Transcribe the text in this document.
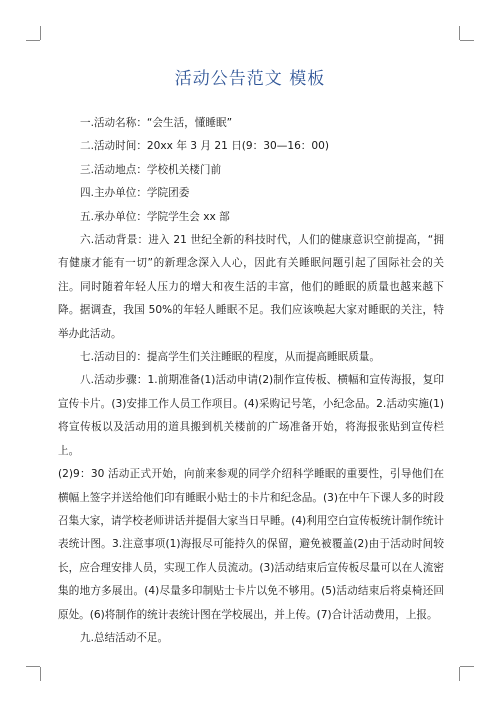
活动公告范文 模板

一.活动名称：“会生活，懂睡眠”

二.活动时间：20xx 年 3 月 21 日(9：30—16：00)

三.活动地点：学校机关楼门前

四.主办单位：学院团委

五.承办单位：学院学生会 xx 部

六.活动背景：进入 21 世纪全新的科技时代，人们的健康意识空前提高，“拥有健康才能有一切”的新理念深入人心，因此有关睡眠问题引起了国际社会的关注。同时随着年轻人压力的增大和夜生活的丰富，他们的睡眠的质量也越来越下降。据调查，我国 50%的年轻人睡眠不足。我们应该唤起大家对睡眠的关注，特举办此活动。

七.活动目的：提高学生们关注睡眠的程度，从而提高睡眠质量。

八.活动步骤：1.前期准备(1)活动申请(2)制作宣传板、横幅和宣传海报，复印宣传卡片。(3)安排工作人员工作项目。(4)采购记号笔，小纪念品。2.活动实施(1)将宣传板以及活动用的道具搬到机关楼前的广场准备开始，将海报张贴到宣传栏上。

(2)9：30 活动正式开始，向前来参观的同学介绍科学睡眠的重要性，引导他们在横幅上签字并送给他们印有睡眠小贴士的卡片和纪念品。(3)在中午下课人多的时段召集大家，请学校老师讲话并提倡大家当日早睡。(4)利用空白宣传板统计制作统计表统计图。3.注意事项(1)海报尽可能持久的保留，避免被覆盖(2)由于活动时间较长，应合理安排人员，实现工作人员流动。(3)活动结束后宣传板尽量可以在人流密集的地方多展出。(4)尽量多印制贴士卡片以免不够用。(5)活动结束后将桌椅还回原处。(6)将制作的统计表统计图在学校展出，并上传。(7)合计活动费用，上报。

九.总结活动不足。
